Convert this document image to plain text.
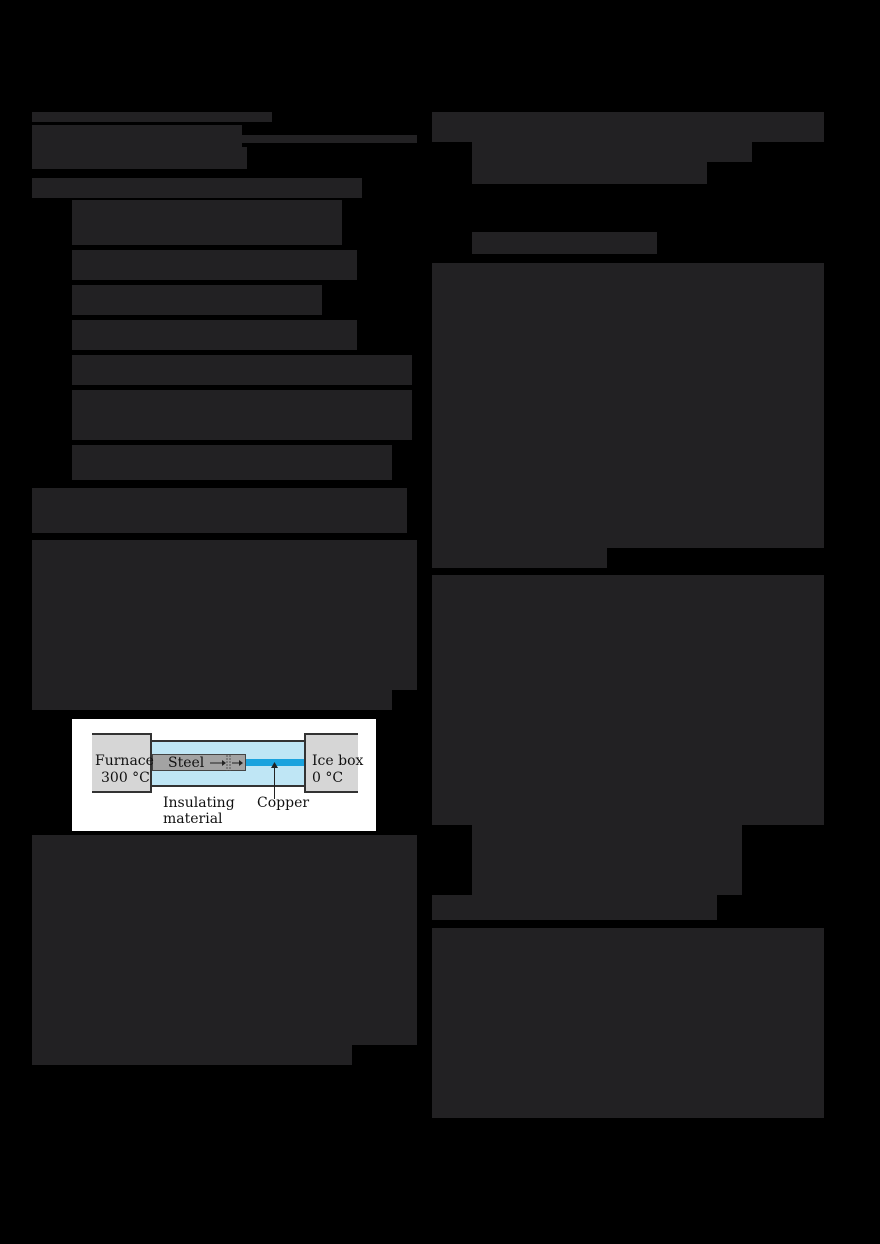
Furnace
300 °C
Steel	Ice box
0 °C
Insulating
material
Copper
